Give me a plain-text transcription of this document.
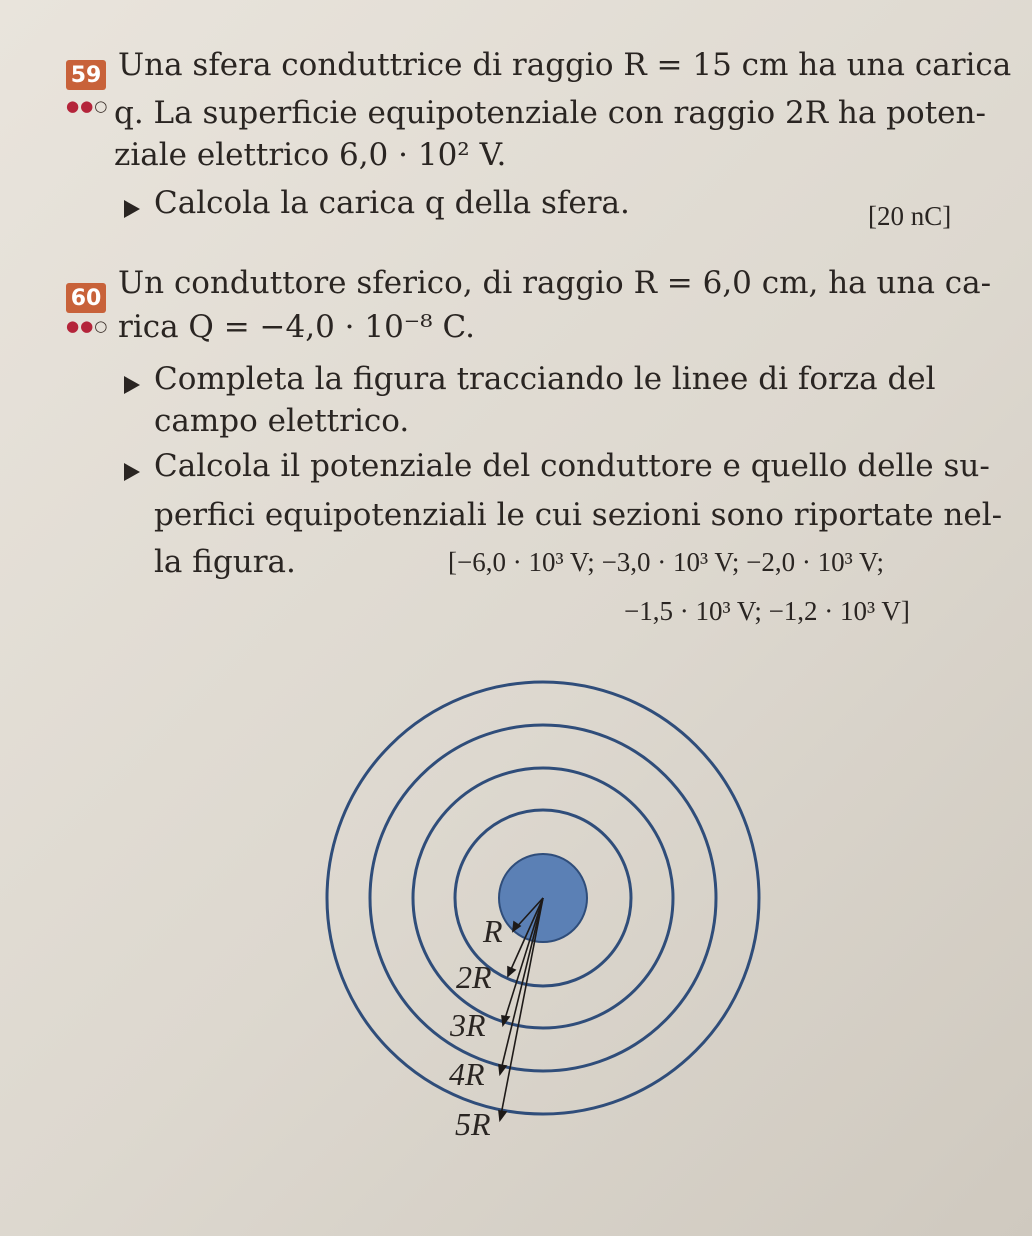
59
●●○
Una sfera conduttrice di raggio R = 15 cm ha una carica
q. La superficie equipotenziale con raggio 2R ha poten-
ziale elettrico 6,0 · 10² V.
Calcola la carica q della sfera.	[20 nC]
60
●●○
Un conduttore sferico, di raggio R = 6,0 cm, ha una ca-
rica Q = −4,0 · 10⁻⁸ C.
Completa la figura tracciando le linee di forza del
campo elettrico.
Calcola il potenziale del conduttore e quello delle su-
perfici equipotenziali le cui sezioni sono riportate nel-
la figura.	[−6,0 · 10³ V; −3,0 · 10³ V; −2,0 · 10³ V;
−1,5 · 10³ V; −1,2 · 10³ V]
R
2R
3R
4R
5R
